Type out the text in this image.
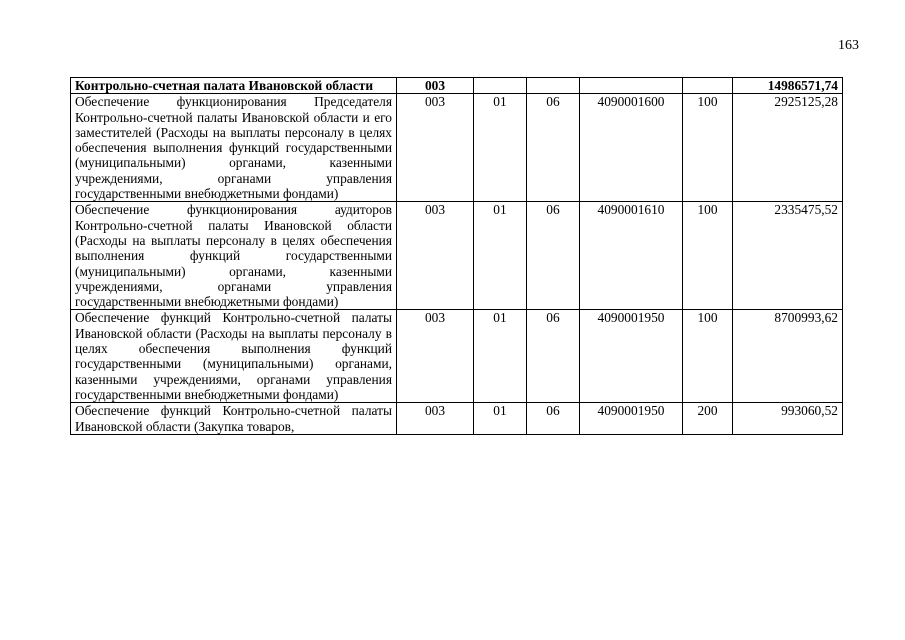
163
Контрольно-счетная палата Ивановской области	003					14986571,74
Обеспечение функционирования Председателя Контрольно-счетной палаты Ивановской области и его заместителей (Расходы на выплаты персоналу в целях обеспечения выполнения функций государственными (муниципальными) органами, казенными учреждениями, органами управления государственными внебюджетными фондами)	003	01	06	4090001600	100	2925125,28
Обеспечение функционирования аудиторов Контрольно-счетной палаты Ивановской области (Расходы на выплаты персоналу в целях обеспечения выполнения функций государственными (муниципальными) органами, казенными учреждениями, органами управления государственными внебюджетными фондами)	003	01	06	4090001610	100	2335475,52
Обеспечение функций Контрольно-счетной палаты Ивановской области (Расходы на выплаты персоналу в целях обеспечения выполнения функций государственными (муниципальными) органами, казенными учреждениями, органами управления государственными внебюджетными фондами)	003	01	06	4090001950	100	8700993,62
Обеспечение функций Контрольно-счетной палаты Ивановской области (Закупка товаров,	003	01	06	4090001950	200	993060,52
